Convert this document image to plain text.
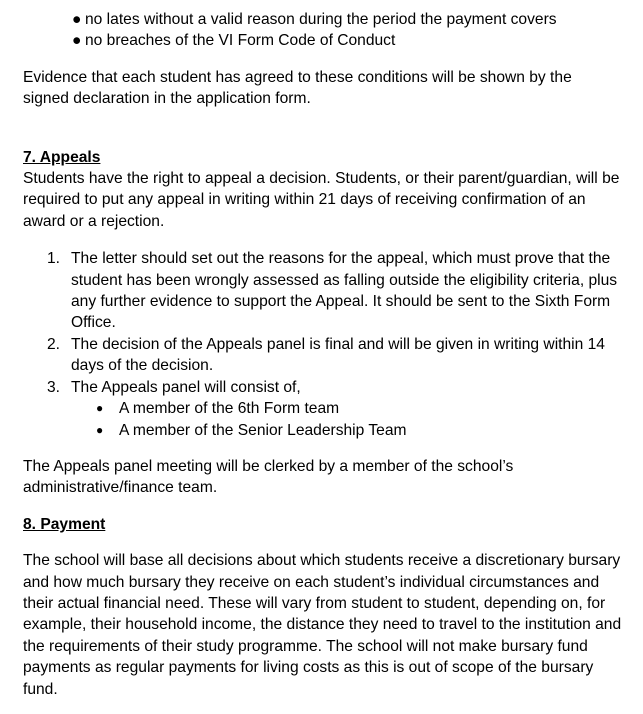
● no lates without a valid reason during the period the payment covers
● no breaches of the VI Form Code of Conduct

Evidence that each student has agreed to these conditions will be shown by the signed declaration in the application form.

7. Appeals

Students have the right to appeal a decision. Students, or their parent/guardian, will be required to put any appeal in writing within 21 days of receiving confirmation of an award or a rejection.

1. The letter should set out the reasons for the appeal, which must prove that the student has been wrongly assessed as falling outside the eligibility criteria, plus any further evidence to support the Appeal. It should be sent to the Sixth Form Office.
2. The decision of the Appeals panel is final and will be given in writing within 14 days of the decision.
3. The Appeals panel will consist of,
● A member of the 6th Form team
● A member of the Senior Leadership Team

The Appeals panel meeting will be clerked by a member of the school’s administrative/finance team.

8. Payment

The school will base all decisions about which students receive a discretionary bursary and how much bursary they receive on each student’s individual circumstances and their actual financial need. These will vary from student to student, depending on, for example, their household income, the distance they need to travel to the institution and the requirements of their study programme. The school will not make bursary fund payments as regular payments for living costs as this is out of scope of the bursary fund.
